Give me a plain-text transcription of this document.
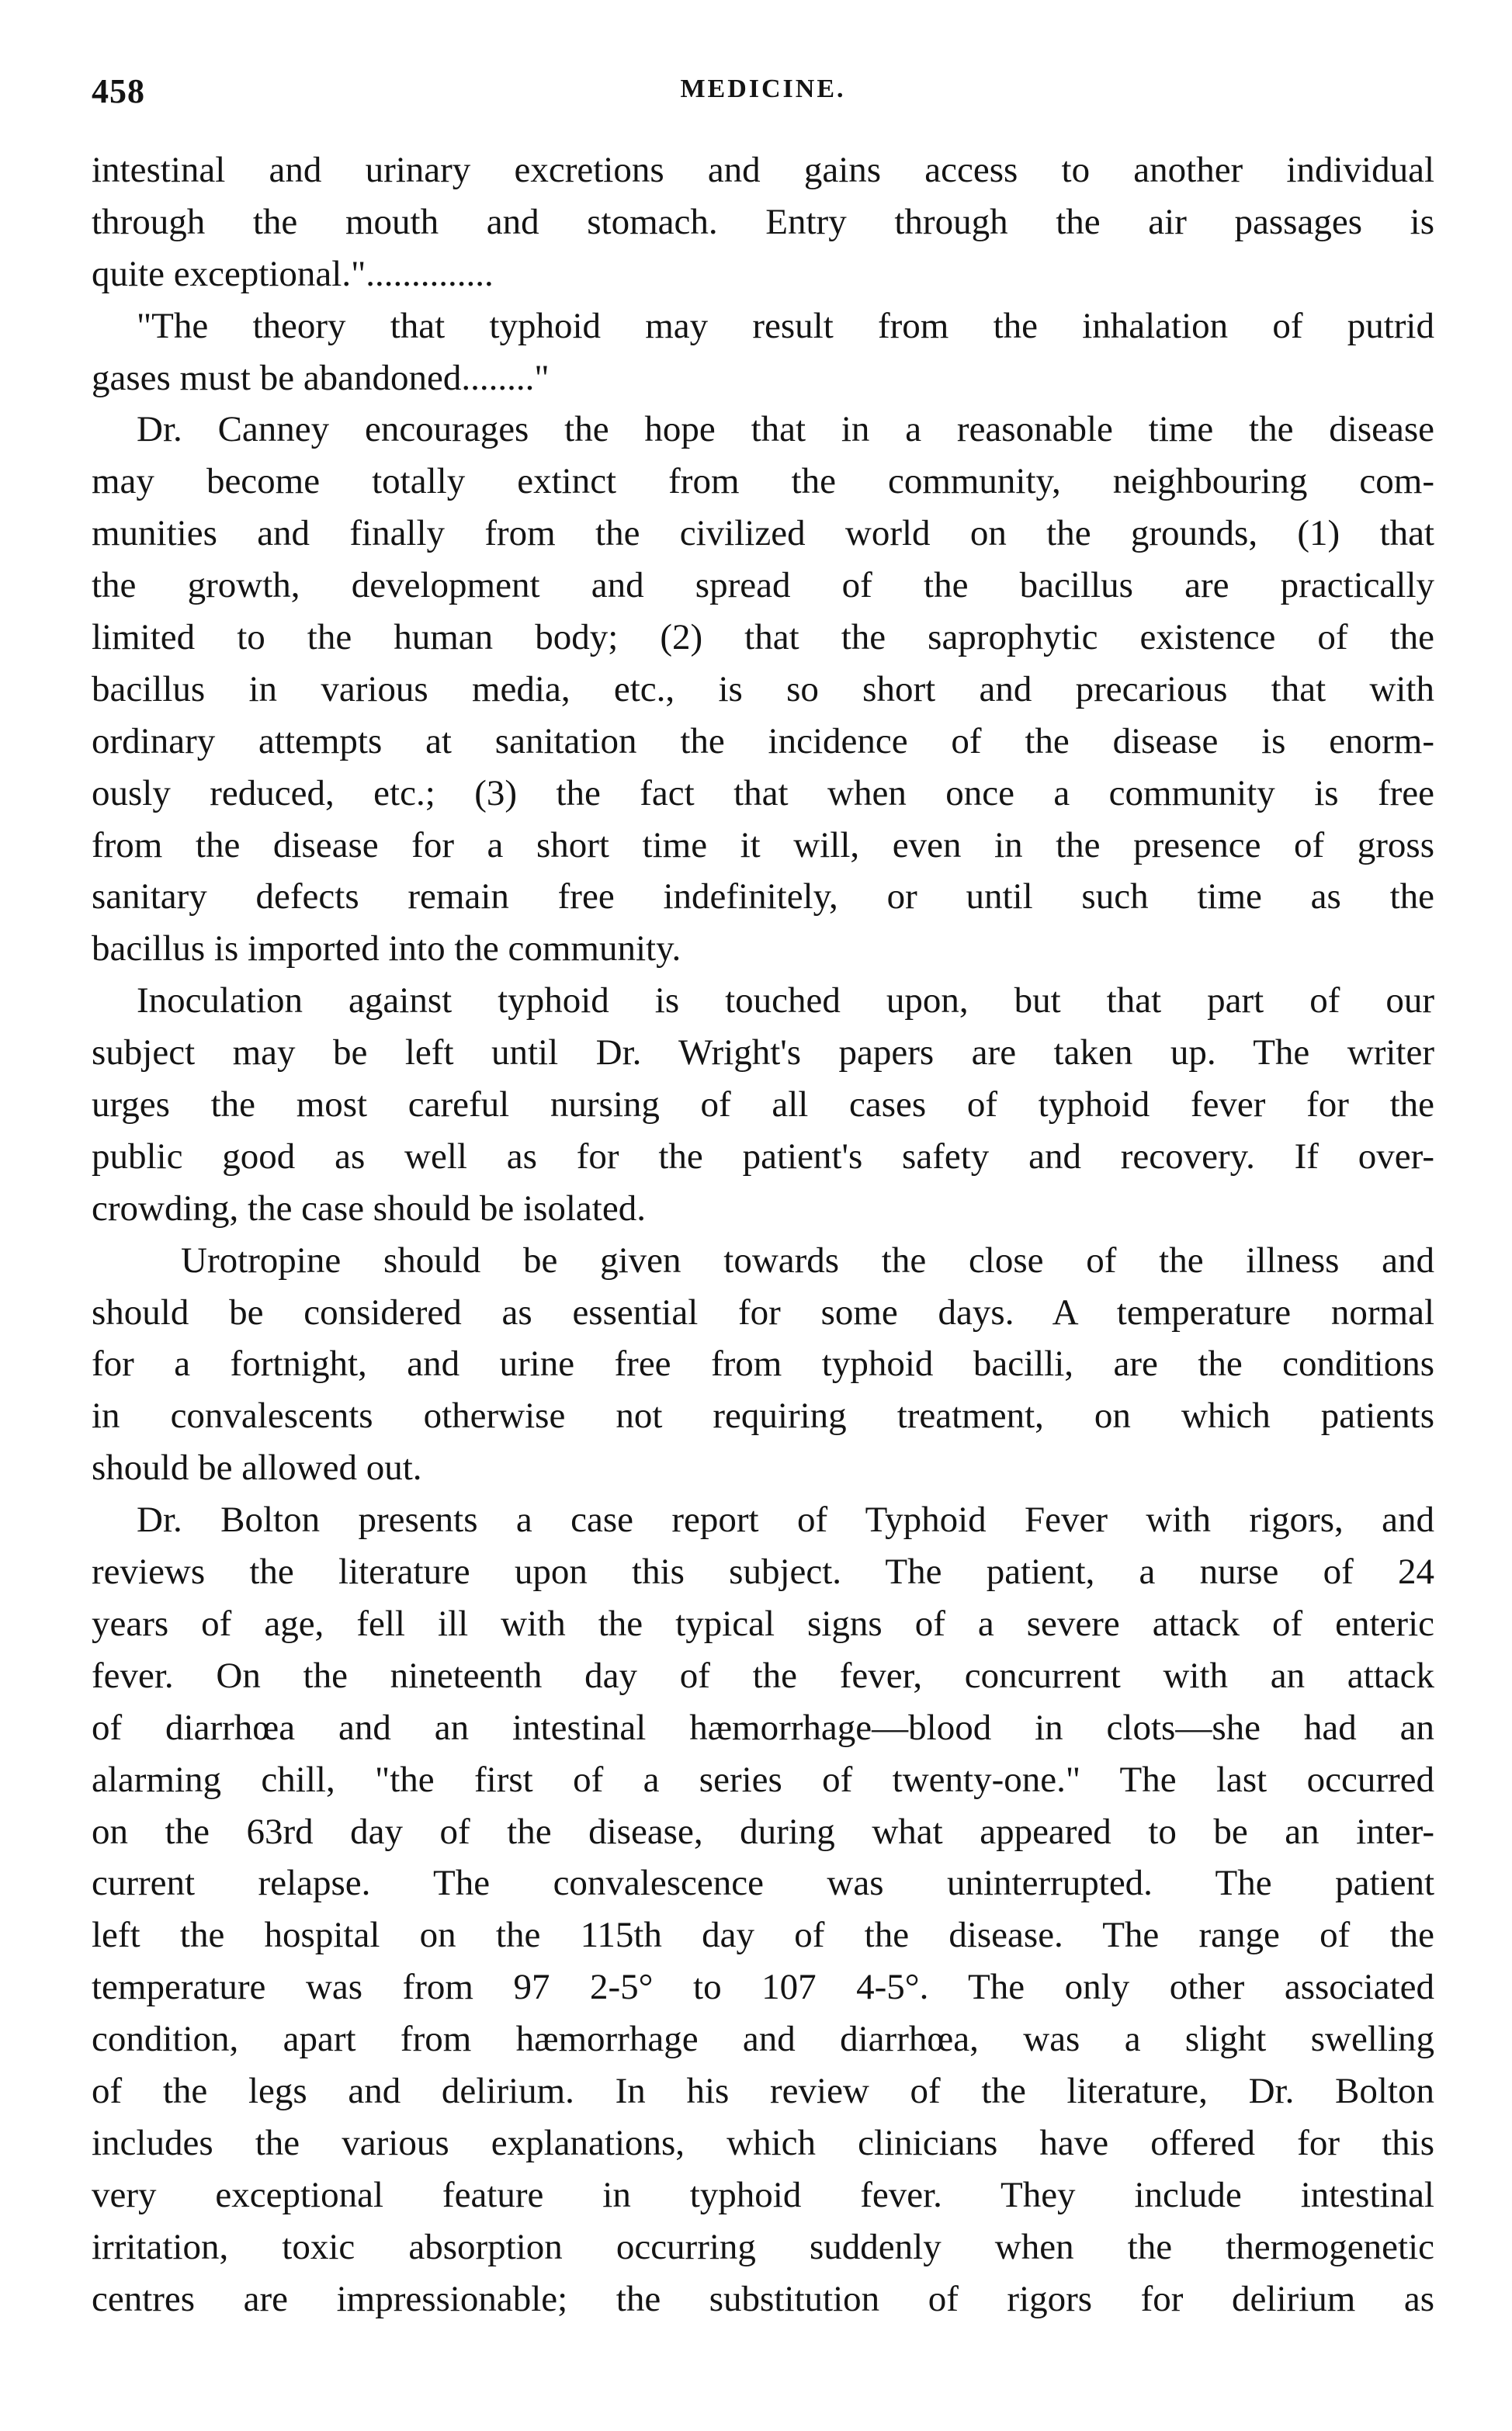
458	MEDICINE.
intestinal and urinary excretions and gains access to another individual
through the mouth and stomach. Entry through the air passages is
quite exceptional."..............
"The theory that typhoid may result from the inhalation of putrid
gases must be abandoned........"
Dr. Canney encourages the hope that in a reasonable time the disease
may become totally extinct from the community, neighbouring com-
munities and finally from the civilized world on the grounds, (1) that
the growth, development and spread of the bacillus are practically
limited to the human body; (2) that the saprophytic existence of the
bacillus in various media, etc., is so short and precarious that with
ordinary attempts at sanitation the incidence of the disease is enorm-
ously reduced, etc.; (3) the fact that when once a community is free
from the disease for a short time it will, even in the presence of gross
sanitary defects remain free indefinitely, or until such time as the
bacillus is imported into the community.
Inoculation against typhoid is touched upon, but that part of our
subject may be left until Dr. Wright's papers are taken up. The writer
urges the most careful nursing of all cases of typhoid fever for the
public good as well as for the patient's safety and recovery. If over-
crowding, the case should be isolated.
Urotropine should be given towards the close of the illness and
should be considered as essential for some days. A temperature normal
for a fortnight, and urine free from typhoid bacilli, are the conditions
in convalescents otherwise not requiring treatment, on which patients
should be allowed out.
Dr. Bolton presents a case report of Typhoid Fever with rigors, and
reviews the literature upon this subject. The patient, a nurse of 24
years of age, fell ill with the typical signs of a severe attack of enteric
fever. On the nineteenth day of the fever, concurrent with an attack
of diarrhœa and an intestinal hæmorrhage—blood in clots—she had an
alarming chill, "the first of a series of twenty-one." The last occurred
on the 63rd day of the disease, during what appeared to be an inter-
current relapse. The convalescence was uninterrupted. The patient
left the hospital on the 115th day of the disease. The range of the
temperature was from 97 2-5° to 107 4-5°. The only other associated
condition, apart from hæmorrhage and diarrhœa, was a slight swelling
of the legs and delirium. In his review of the literature, Dr. Bolton
includes the various explanations, which clinicians have offered for this
very exceptional feature in typhoid fever. They include intestinal
irritation, toxic absorption occurring suddenly when the thermogenetic
centres are impressionable; the substitution of rigors for delirium as
